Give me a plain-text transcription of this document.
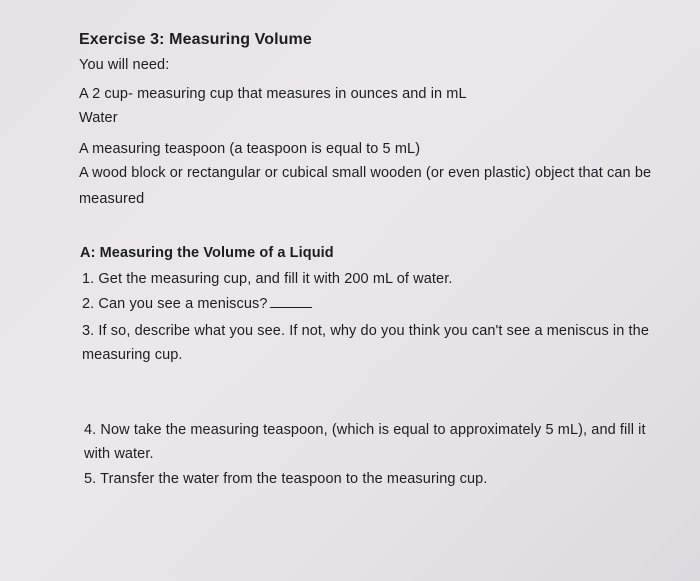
Exercise 3: Measuring Volume
You will need:
A 2 cup- measuring cup that measures in ounces and in mL
Water
A measuring teaspoon (a teaspoon is equal to 5 mL)
A wood block or rectangular or cubical small wooden (or even plastic) object that can be
measured
A: Measuring the Volume of a Liquid
1. Get the measuring cup, and fill it with 200 mL of water.
2. Can you see a meniscus?
3. If so, describe what you see. If not, why do you think you can't see a meniscus in the
measuring cup.
4. Now take the measuring teaspoon, (which is equal to approximately 5 mL), and fill it
with water.
5. Transfer the water from the teaspoon to the measuring cup.
